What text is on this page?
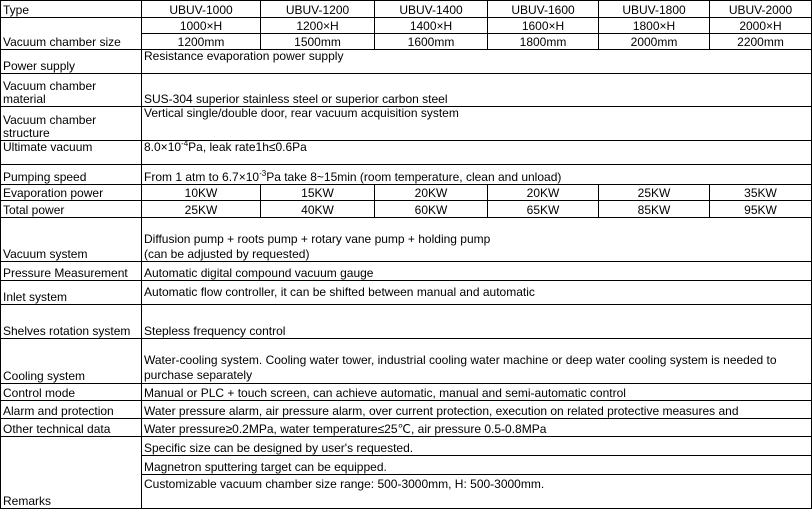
Type	UBUV-1000	UBUV-1200	UBUV-1400	UBUV-1600	UBUV-1800	UBUV-2000
Vacuum chamber size	1000×H	1200×H	1400×H	1600×H	1800×H	2000×H
	1200mm	1500mm	1600mm	1800mm	2000mm	2200mm
Power supply	Resistance evaporation power supply					
Vacuum chamber material	SUS-304 superior stainless steel or superior carbon steel					
Vacuum chamber structure	Vertical single/double door, rear vacuum acquisition system					
Ultimate vacuum	$8.0\times 10^{-4}Pa$, leak rate1h≤0.6Pa					
Pumping speed	From 1 atm to $6.7\times 10^{-3}Pa$ take 8~15min (room temperature, clean and unload)					
Evaporation power	10KW	15KW	20KW	20KW	25KW	35KW
Total power	25KW	40KW	60KW	65KW	85KW	95KW
Vacuum system	Diffusion pump + roots pump + rotary vane pump + holding pump
(can be adjusted by requested)					

Pressure Measurement	Automatic digital compound vacuum gauge					
Inlet system	Automatic flow controller, it can be shifted between manual and automatic					
Shelves rotation system	Stepless frequency control					
Cooling system	Water-cooling system. Cooling water tower, industrial cooling water machine or deep water cooling system is needed to purchase separately					
Control mode	Manual or PLC + touch screen, can achieve automatic, manual and semi-automatic control					
Alarm and protection	Water pressure alarm, air pressure alarm, over current protection, execution on related protective measures and					
Other technical data	Water pressure≥0.2MPa, water temperature≤25℃, air pressure 0.5-0.8MPa					
Remarks	Specific size can be designed by user's requested.					
	Magnetron sputtering target can be equipped.					
	Customizable vacuum chamber size range: 500-3000mm, H: 500-3000mm.					
